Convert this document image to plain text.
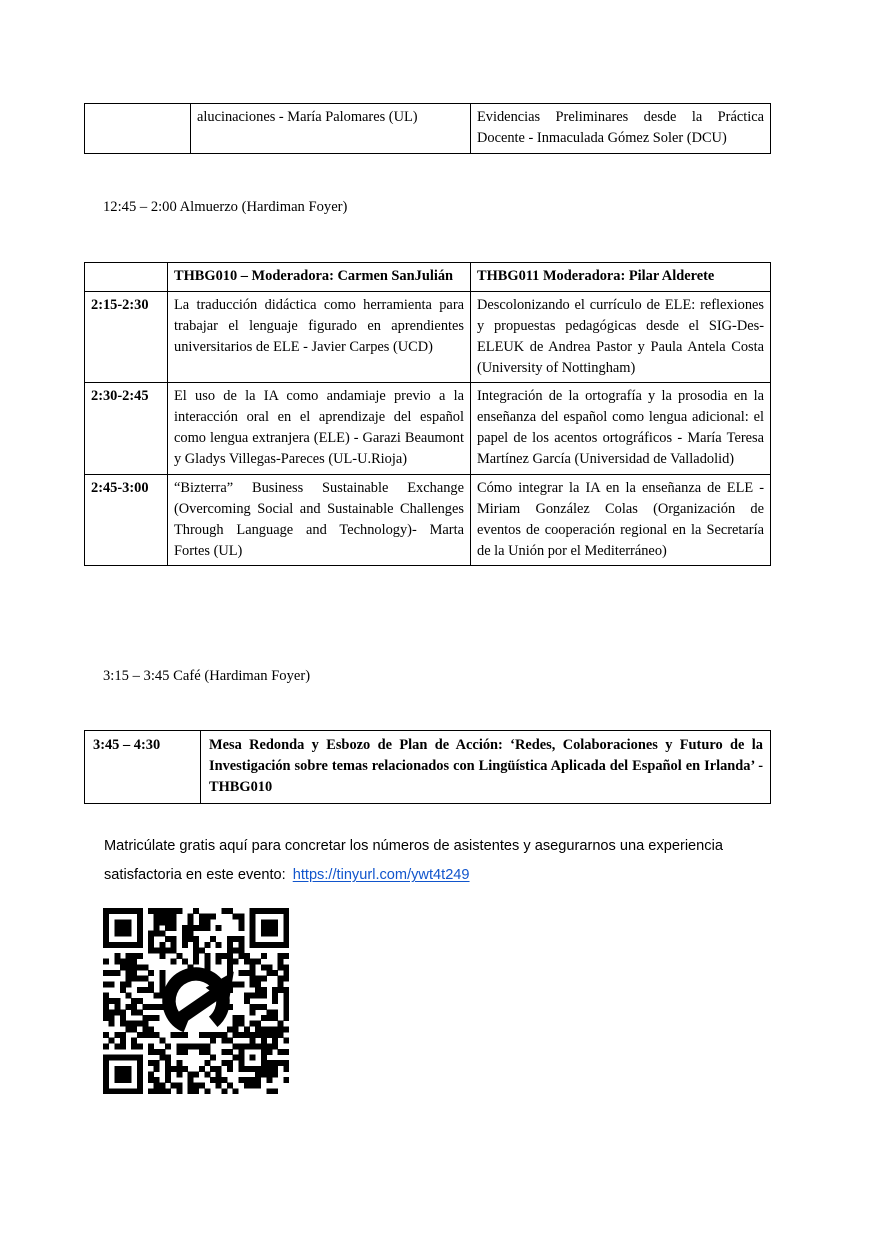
	alucinaciones - María Palomares (UL)	Evidencias Preliminares desde la Práctica Docente - Inmaculada Gómez Soler (DCU)
12:45 – 2:00 Almuerzo (Hardiman Foyer)
	THBG010 – Moderadora: Carmen SanJulián	THBG011 Moderadora: Pilar Alderete
2:15-2:30	La traducción didáctica como herramienta para trabajar el lenguaje figurado en aprendientes universitarios de ELE - Javier Carpes (UCD)	Descolonizando el currículo de ELE: reflexiones y propuestas pedagógicas desde el SIG-Des-ELEUK de Andrea Pastor y Paula Antela Costa (University of Nottingham)
2:30-2:45	El uso de la IA como andamiaje previo a la interacción oral en el aprendizaje del español como lengua extranjera (ELE) - Garazi Beaumont y Gladys Villegas-Pareces (UL-U.Rioja)	Integración de la ortografía y la prosodia en la enseñanza del español como lengua adicional: el papel de los acentos ortográficos - María Teresa Martínez García (Universidad de Valladolid)
2:45-3:00	“Bizterra” Business Sustainable Exchange (Overcoming Social and Sustainable Challenges Through Language and Technology)- Marta Fortes (UL)	Cómo integrar la IA en la enseñanza de ELE - Miriam González Colas (Organización de eventos de cooperación regional en la Secretaría de la Unión por el Mediterráneo)
3:15 – 3:45 Café (Hardiman Foyer)
3:45 – 4:30	Mesa Redonda y Esbozo de Plan de Acción: ‘Redes, Colaboraciones y Futuro de la Investigación sobre temas relacionados con Lingüística Aplicada del Español en Irlanda’ - THBG010
Matricúlate gratis aquí para concretar los números de asistentes y asegurarnos una experiencia satisfactoria en este evento: https://tinyurl.com/ywt4t249
